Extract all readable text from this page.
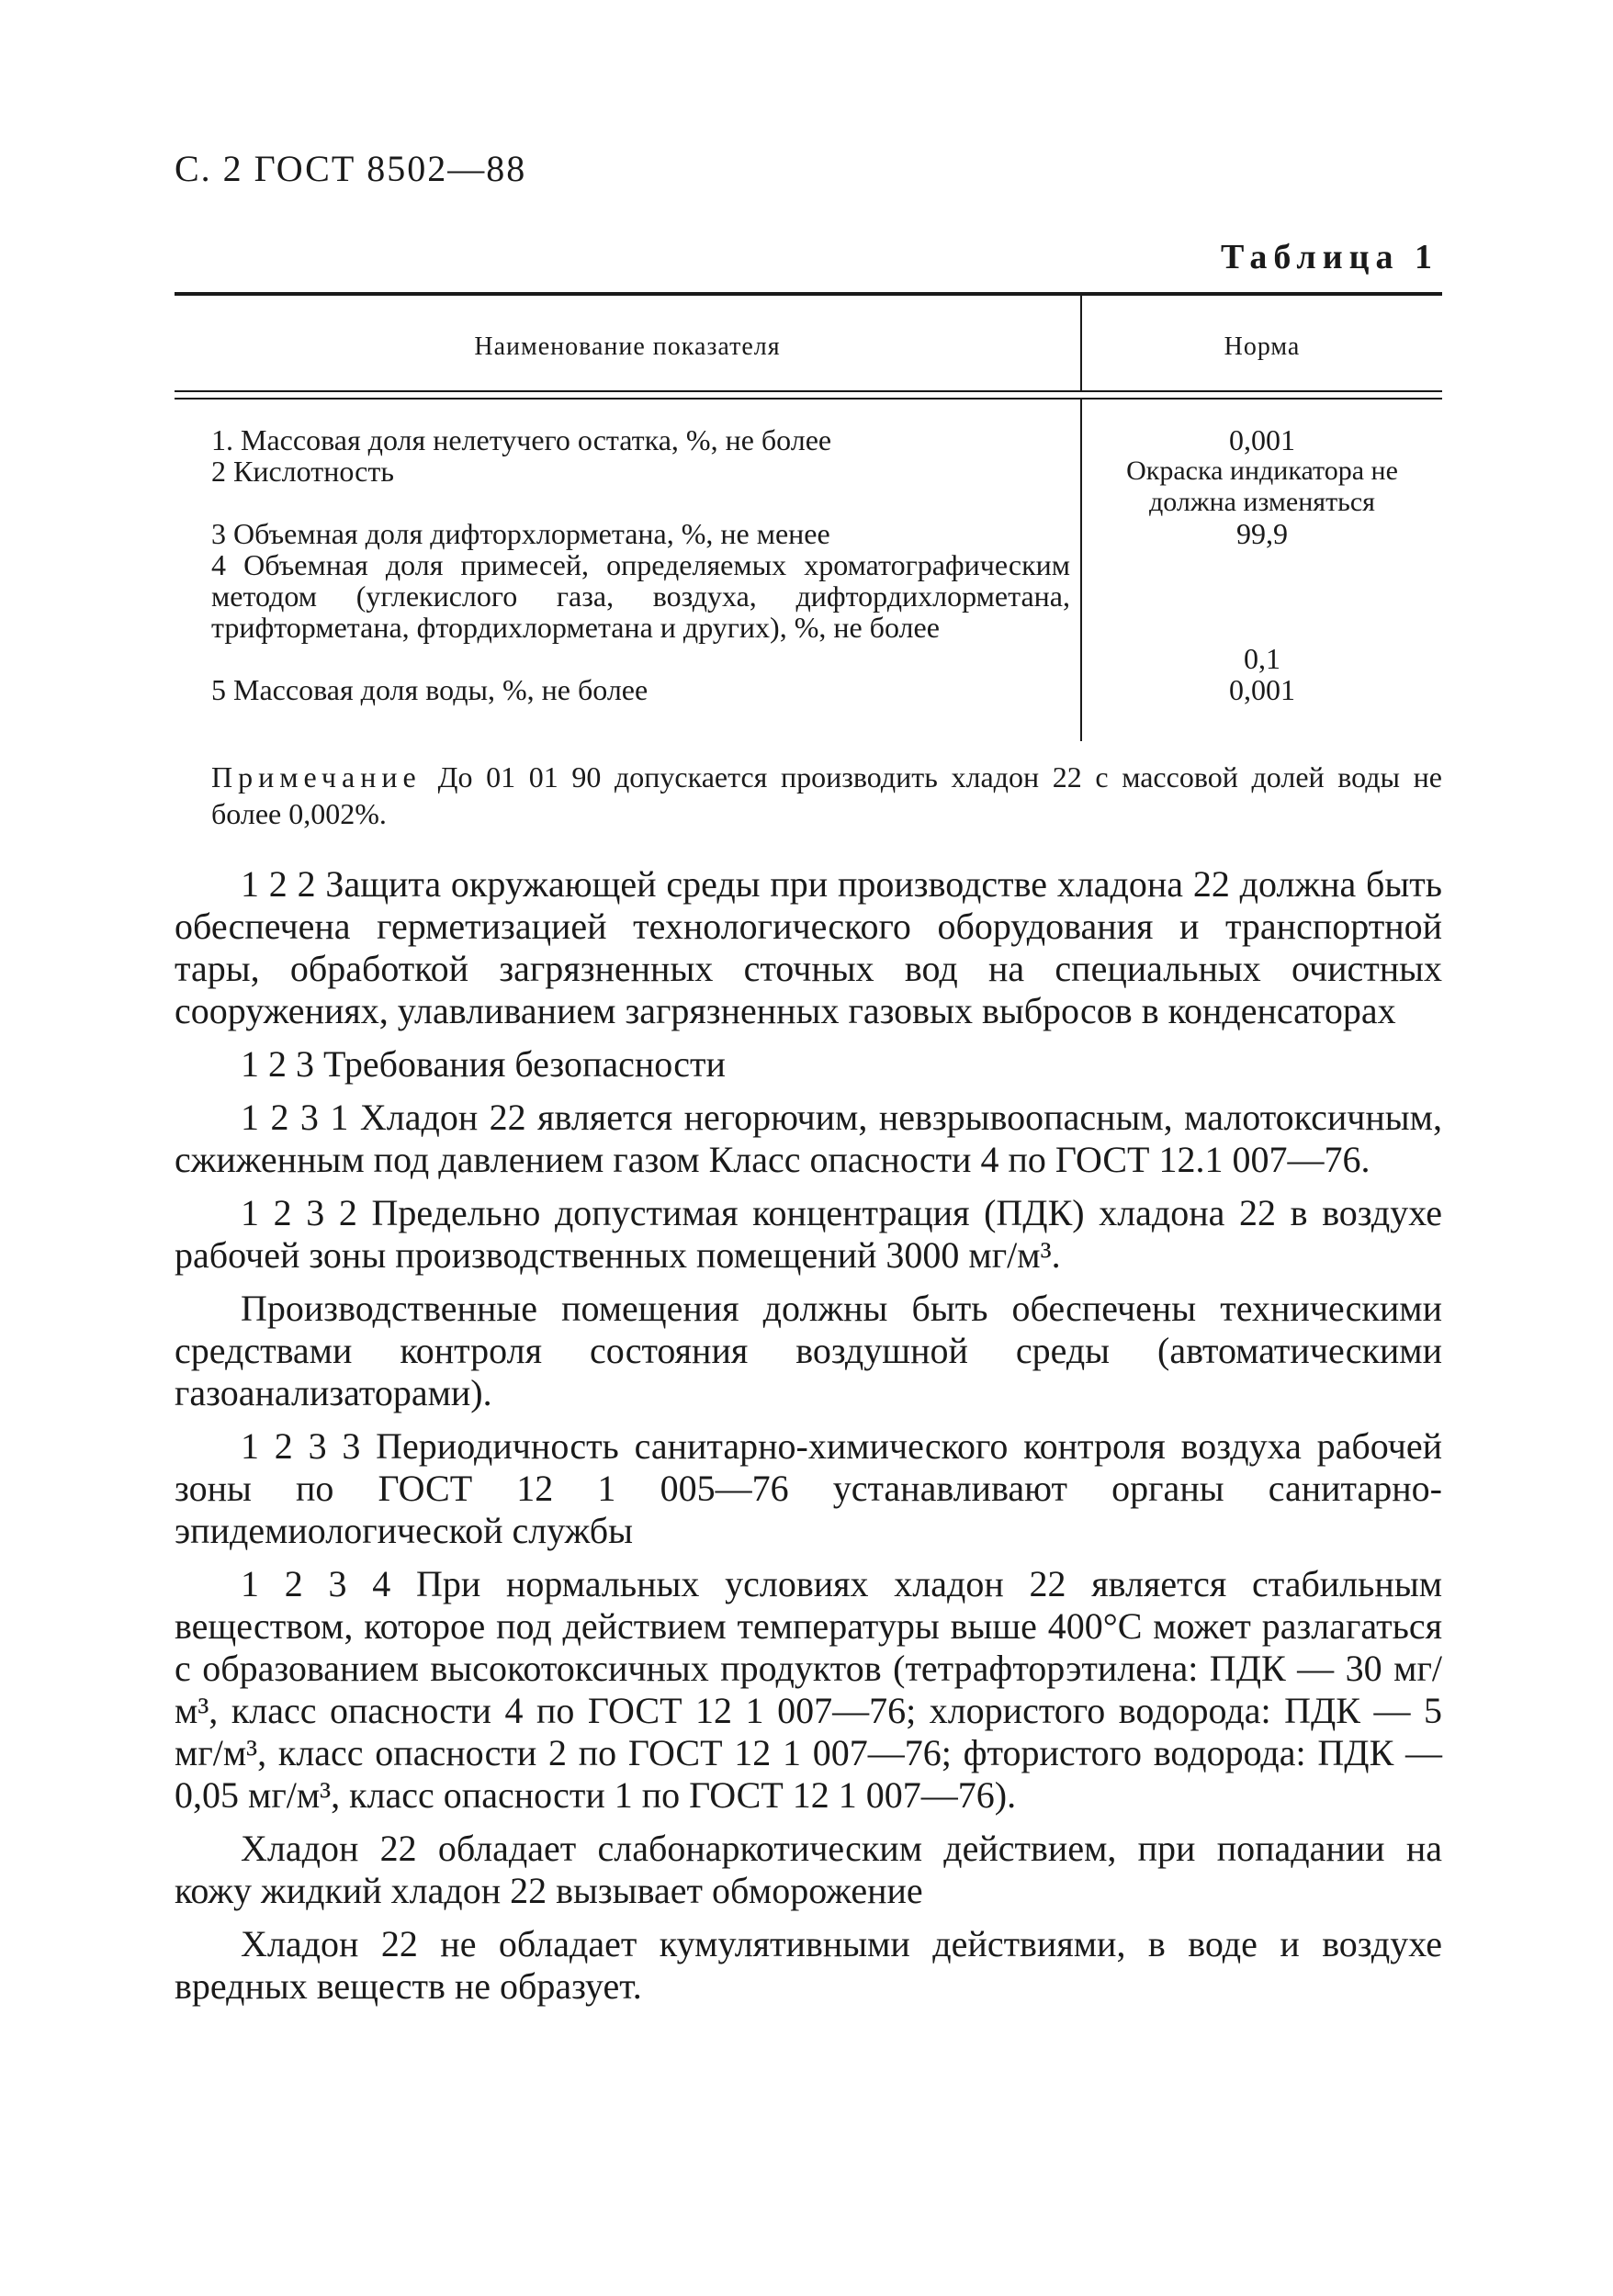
С. 2 ГОСТ 8502—88
Таблица 1
Наименование показателя	Норма
1. Массовая доля нелетучего остатка, %, не более
2 Кислотность
3 Объемная доля дифторхлорметана, %, не менее
4 Объемная доля примесей, определяемых хроматографическим методом (углекислого газа, воздуха, дифтордихлорметана, трифторметана, фтордихлорметана и других), %, не более
5 Массовая доля воды, %, не более
0,001
Окраска индикатора не должна изменяться
99,9
0,1
0,001
Примечание До 01 01 90 допускается производить хладон 22 с массовой долей воды не более 0,002%.

1 2 2 Защита окружающей среды при производстве хладона 22 должна быть обеспечена герметизацией технологического оборудования и транспортной тары, обработкой загрязненных сточных вод на специальных очистных сооружениях, улавливанием загрязненных газовых выбросов в конденсаторах

1 2 3 Требования безопасности

1 2 3 1 Хладон 22 является негорючим, невзрывоопасным, малотоксичным, сжиженным под давлением газом Класс опасности 4 по ГОСТ 12.1 007—76.

1 2 3 2 Предельно допустимая концентрация (ПДК) хладона 22 в воздухе рабочей зоны производственных помещений 3000 мг/м³.

Производственные помещения должны быть обеспечены техническими средствами контроля состояния воздушной среды (автоматическими газоанализаторами).

1 2 3 3 Периодичность санитарно-химического контроля воздуха рабочей зоны по ГОСТ 12 1 005—76 устанавливают органы санитарно-эпидемиологической службы

1 2 3 4 При нормальных условиях хладон 22 является стабильным веществом, которое под действием температуры выше 400°С может разлагаться с образованием высокотоксичных продуктов (тетрафторэтилена: ПДК — 30 мг/м³, класс опасности 4 по ГОСТ 12 1 007—76; хлористого водорода: ПДК — 5 мг/м³, класс опасности 2 по ГОСТ 12 1 007—76; фтористого водорода: ПДК — 0,05 мг/м³, класс опасности 1 по ГОСТ 12 1 007—76).

Хладон 22 обладает слабонаркотическим действием, при попадании на кожу жидкий хладон 22 вызывает обморожение

Хладон 22 не обладает кумулятивными действиями, в воде и воздухе вредных веществ не образует.
